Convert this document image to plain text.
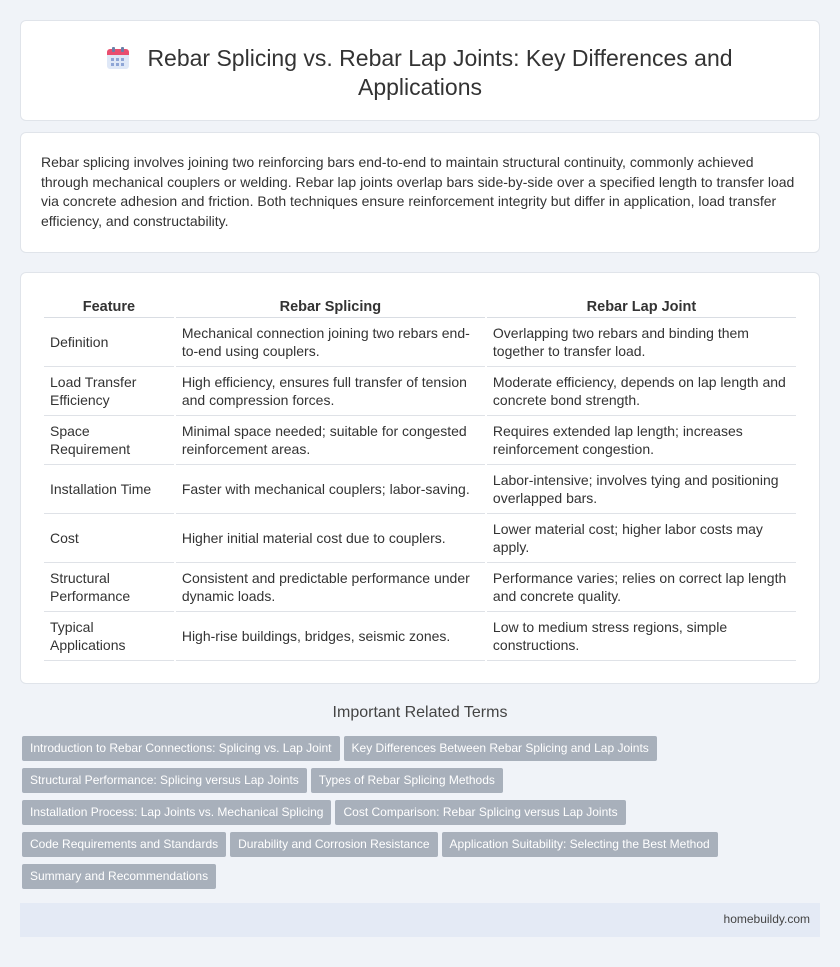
Rebar Splicing vs. Rebar Lap Joints: Key Differences and Applications

Rebar splicing involves joining two reinforcing bars end-to-end to maintain structural continuity, commonly achieved through mechanical couplers or welding. Rebar lap joints overlap bars side-by-side over a specified length to transfer load via concrete adhesion and friction. Both techniques ensure reinforcement integrity but differ in application, load transfer efficiency, and constructability.

Feature	Rebar Splicing	Rebar Lap Joint
Definition	Mechanical connection joining two rebars end-to-end using couplers.	Overlapping two rebars and binding them together to transfer load.
Load Transfer Efficiency	High efficiency, ensures full transfer of tension and compression forces.	Moderate efficiency, depends on lap length and concrete bond strength.
Space Requirement	Minimal space needed; suitable for congested reinforcement areas.	Requires extended lap length; increases reinforcement congestion.
Installation Time	Faster with mechanical couplers; labor-saving.	Labor-intensive; involves tying and positioning overlapped bars.
Cost	Higher initial material cost due to couplers.	Lower material cost; higher labor costs may apply.
Structural Performance	Consistent and predictable performance under dynamic loads.	Performance varies; relies on correct lap length and concrete quality.
Typical Applications	High-rise buildings, bridges, seismic zones.	Low to medium stress regions, simple constructions.
Important Related Terms
Introduction to Rebar Connections: Splicing vs. Lap Joint Key Differences Between Rebar Splicing and Lap Joints
Structural Performance: Splicing versus Lap Joints Types of Rebar Splicing Methods
Installation Process: Lap Joints vs. Mechanical Splicing Cost Comparison: Rebar Splicing versus Lap Joints
Code Requirements and Standards Durability and Corrosion Resistance Application Suitability: Selecting the Best Method
Summary and Recommendations
homebuildy.com
